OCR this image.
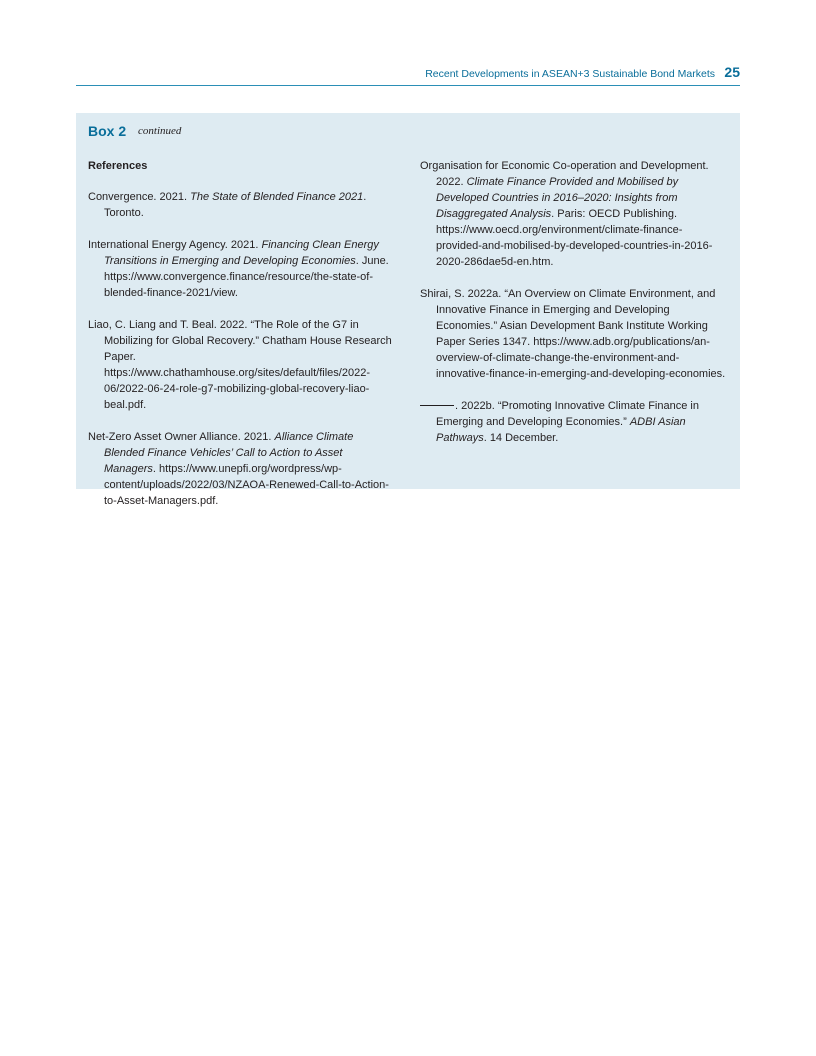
Recent Developments in ASEAN+3 Sustainable Bond Markets 25
Box 2 continued
References

Convergence. 2021. The State of Blended Finance 2021. Toronto.

International Energy Agency. 2021. Financing Clean Energy Transitions in Emerging and Developing Economies. June. https://www.convergence.finance/resource/the-state-of-blended-finance-2021/view.

Liao, C. Liang and T. Beal. 2022. “The Role of the G7 in Mobilizing for Global Recovery.” Chatham House Research Paper. https://www.chathamhouse.org/sites/default/files/2022-06/2022-06-24-role-g7-mobilizing-global-recovery-liao-beal.pdf.

Net-Zero Asset Owner Alliance. 2021. Alliance Climate Blended Finance Vehicles’ Call to Action to Asset Managers. https://www.unepfi.org/wordpress/wp-content/uploads/2022/03/NZAOA-Renewed-Call-to-Action-to-Asset-Managers.pdf.

Organisation for Economic Co-operation and Development. 2022. Climate Finance Provided and Mobilised by Developed Countries in 2016–2020: Insights from Disaggregated Analysis. Paris: OECD Publishing. https://www.oecd.org/environment/climate-finance-provided-and-mobilised-by-developed-countries-in-2016-2020-286dae5d-en.htm.

Shirai, S. 2022a. “An Overview on Climate Environment, and Innovative Finance in Emerging and Developing Economies.” Asian Development Bank Institute Working Paper Series 1347. https://www.adb.org/publications/an-overview-of-climate-change-the-environment-and-innovative-finance-in-emerging-and-developing-economies.

. 2022b. “Promoting Innovative Climate Finance in Emerging and Developing Economies.” ADBI Asian Pathways. 14 December.
